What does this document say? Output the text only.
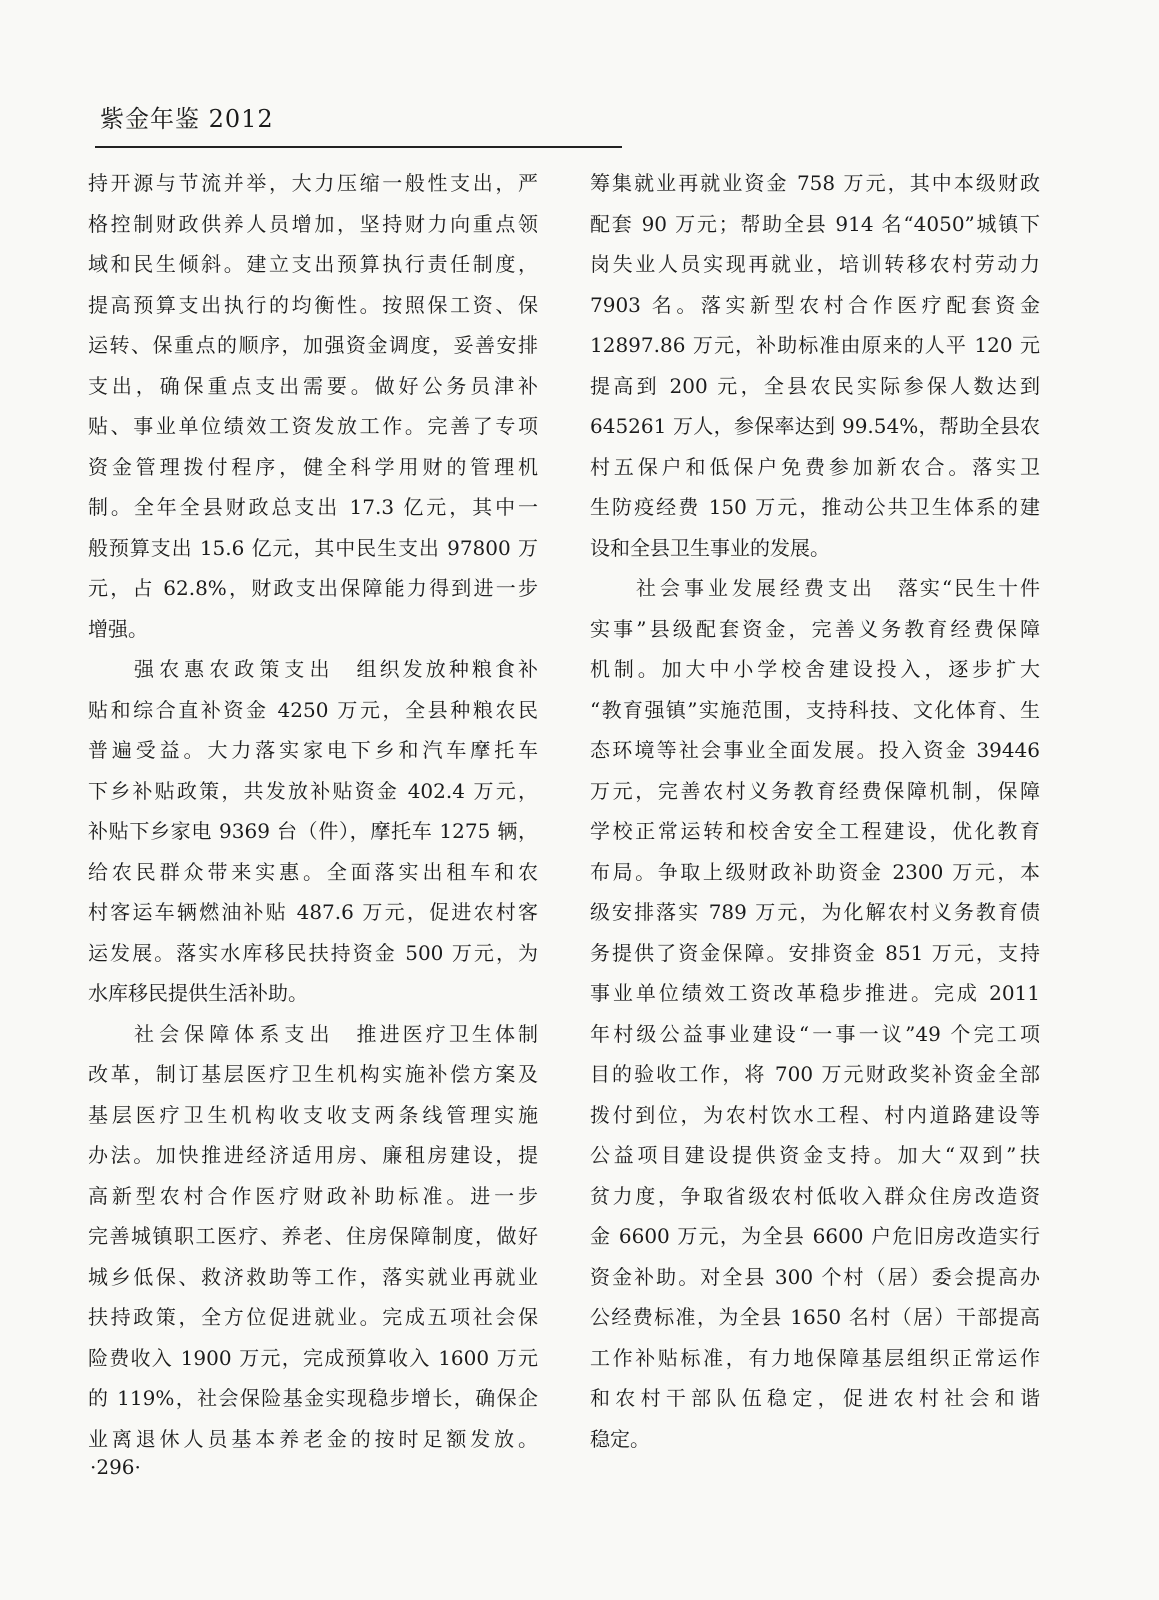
紫金年鉴 2012
持开源与节流并举，大力压缩一般性支出，严
格控制财政供养人员增加，坚持财力向重点领
域和民生倾斜。建立支出预算执行责任制度，
提高预算支出执行的均衡性。按照保工资、保
运转、保重点的顺序，加强资金调度，妥善安排
支出，确保重点支出需要。做好公务员津补
贴、事业单位绩效工资发放工作。完善了专项
资金管理拨付程序，健全科学用财的管理机
制。全年全县财政总支出 17.3 亿元，其中一
般预算支出 15.6 亿元，其中民生支出 97800 万
元，占 62.8%，财政支出保障能力得到进一步
增强。
强农惠农政策支出 组织发放种粮食补
贴和综合直补资金 4250 万元，全县种粮农民
普遍受益。大力落实家电下乡和汽车摩托车
下乡补贴政策，共发放补贴资金 402.4 万元，
补贴下乡家电 9369 台（件），摩托车 1275 辆，
给农民群众带来实惠。全面落实出租车和农
村客运车辆燃油补贴 487.6 万元，促进农村客
运发展。落实水库移民扶持资金 500 万元，为
水库移民提供生活补助。
社会保障体系支出 推进医疗卫生体制
改革，制订基层医疗卫生机构实施补偿方案及
基层医疗卫生机构收支收支两条线管理实施
办法。加快推进经济适用房、廉租房建设，提
高新型农村合作医疗财政补助标准。进一步
完善城镇职工医疗、养老、住房保障制度，做好
城乡低保、救济救助等工作，落实就业再就业
扶持政策，全方位促进就业。完成五项社会保
险费收入 1900 万元，完成预算收入 1600 万元
的 119%，社会保险基金实现稳步增长，确保企
业离退休人员基本养老金的按时足额发放。
筹集就业再就业资金 758 万元，其中本级财政
配套 90 万元；帮助全县 914 名“4050”城镇下
岗失业人员实现再就业，培训转移农村劳动力
7903 名。落实新型农村合作医疗配套资金
12897.86 万元，补助标准由原来的人平 120 元
提高到 200 元，全县农民实际参保人数达到
645261 万人，参保率达到 99.54%，帮助全县农
村五保户和低保户免费参加新农合。落实卫
生防疫经费 150 万元，推动公共卫生体系的建
设和全县卫生事业的发展。
社会事业发展经费支出 落实“民生十件
实事”县级配套资金，完善义务教育经费保障
机制。加大中小学校舍建设投入，逐步扩大
“教育强镇”实施范围，支持科技、文化体育、生
态环境等社会事业全面发展。投入资金 39446
万元，完善农村义务教育经费保障机制，保障
学校正常运转和校舍安全工程建设，优化教育
布局。争取上级财政补助资金 2300 万元，本
级安排落实 789 万元，为化解农村义务教育债
务提供了资金保障。安排资金 851 万元，支持
事业单位绩效工资改革稳步推进。完成 2011
年村级公益事业建设“一事一议”49 个完工项
目的验收工作，将 700 万元财政奖补资金全部
拨付到位，为农村饮水工程、村内道路建设等
公益项目建设提供资金支持。加大“双到”扶
贫力度，争取省级农村低收入群众住房改造资
金 6600 万元，为全县 6600 户危旧房改造实行
资金补助。对全县 300 个村（居）委会提高办
公经费标准，为全县 1650 名村（居）干部提高
工作补贴标准，有力地保障基层组织正常运作
和农村干部队伍稳定，促进农村社会和谐
稳定。
·296·
